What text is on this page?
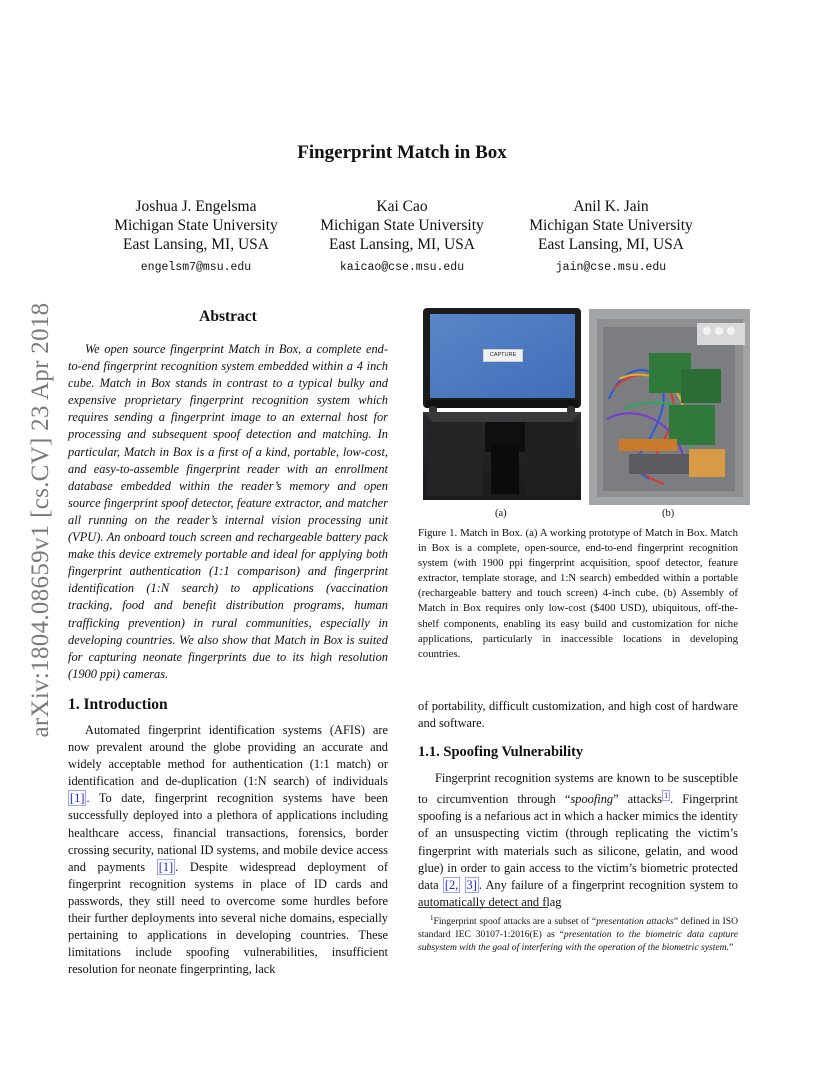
arXiv:1804.08659v1 [cs.CV] 23 Apr 2018
Fingerprint Match in Box
Joshua J. Engelsma
Michigan State University
East Lansing, MI, USA
engelsm7@msu.edu
Kai Cao
Michigan State University
East Lansing, MI, USA
kaicao@cse.msu.edu
Anil K. Jain
Michigan State University
East Lansing, MI, USA
jain@cse.msu.edu
Abstract
We open source fingerprint Match in Box, a complete end-to-end fingerprint recognition system embedded within a 4 inch cube. Match in Box stands in contrast to a typical bulky and expensive proprietary fingerprint recognition system which requires sending a fingerprint image to an external host for processing and subsequent spoof detection and matching. In particular, Match in Box is a first of a kind, portable, low-cost, and easy-to-assemble fingerprint reader with an enrollment database embedded within the reader’s memory and open source fingerprint spoof detector, feature extractor, and matcher all running on the reader’s internal vision processing unit (VPU). An onboard touch screen and rechargeable battery pack make this device extremely portable and ideal for applying both fingerprint authentication (1:1 comparison) and fingerprint identification (1:N search) to applications (vaccination tracking, food and benefit distribution programs, human trafficking prevention) in rural communities, especially in developing countries. We also show that Match in Box is suited for capturing neonate fingerprints due to its high resolution (1900 ppi) cameras.
CAPTURE
(a)	(b)
Figure 1. Match in Box. (a) A working prototype of Match in Box. Match in Box is a complete, open-source, end-to-end fingerprint recognition system (with 1900 ppi fingerprint acquisition, spoof detector, feature extractor, template storage, and 1:N search) embedded within a portable (rechargeable battery and touch screen) 4-inch cube. (b) Assembly of Match in Box requires only low-cost ($400 USD), ubiquitous, off-the-shelf components, enabling its easy build and customization for niche applications, particularly in inaccessible locations in developing countries.
1. Introduction
Automated fingerprint identification systems (AFIS) are now prevalent around the globe providing an accurate and widely acceptable method for authentication (1:1 match) or identification and de-duplication (1:N search) of individuals [1] . To date, fingerprint recognition systems have been successfully deployed into a plethora of applications including healthcare access, financial transactions, forensics, border crossing security, national ID systems, and mobile device access and payments [1] . Despite widespread deployment of fingerprint recognition systems in place of ID cards and passwords, they still need to overcome some hurdles before their further deployments into several niche domains, especially pertaining to applications in developing countries. These limitations include spoofing vulnerabilities, insufficient resolution for neonate fingerprinting, lack
of portability, difficult customization, and high cost of hardware and software.
1.1. Spoofing Vulnerability
Fingerprint recognition systems are known to be susceptible to circumvention through “spoofing” attacks $^1$ . Fingerprint spoofing is a nefarious act in which a hacker mimics the identity of an unsuspecting victim (through replicating the victim’s fingerprint with materials such as silicone, gelatin, and wood glue) in order to gain access to the victim’s biometric protected data [2, 3] . Any failure of a fingerprint recognition system to automatically detect and flag
$^1$Fingerprint spoof attacks are a subset of “presentation attacks” defined in ISO standard IEC 30107-1:2016(E) as “presentation to the biometric data capture subsystem with the goal of interfering with the operation of the biometric system.”
